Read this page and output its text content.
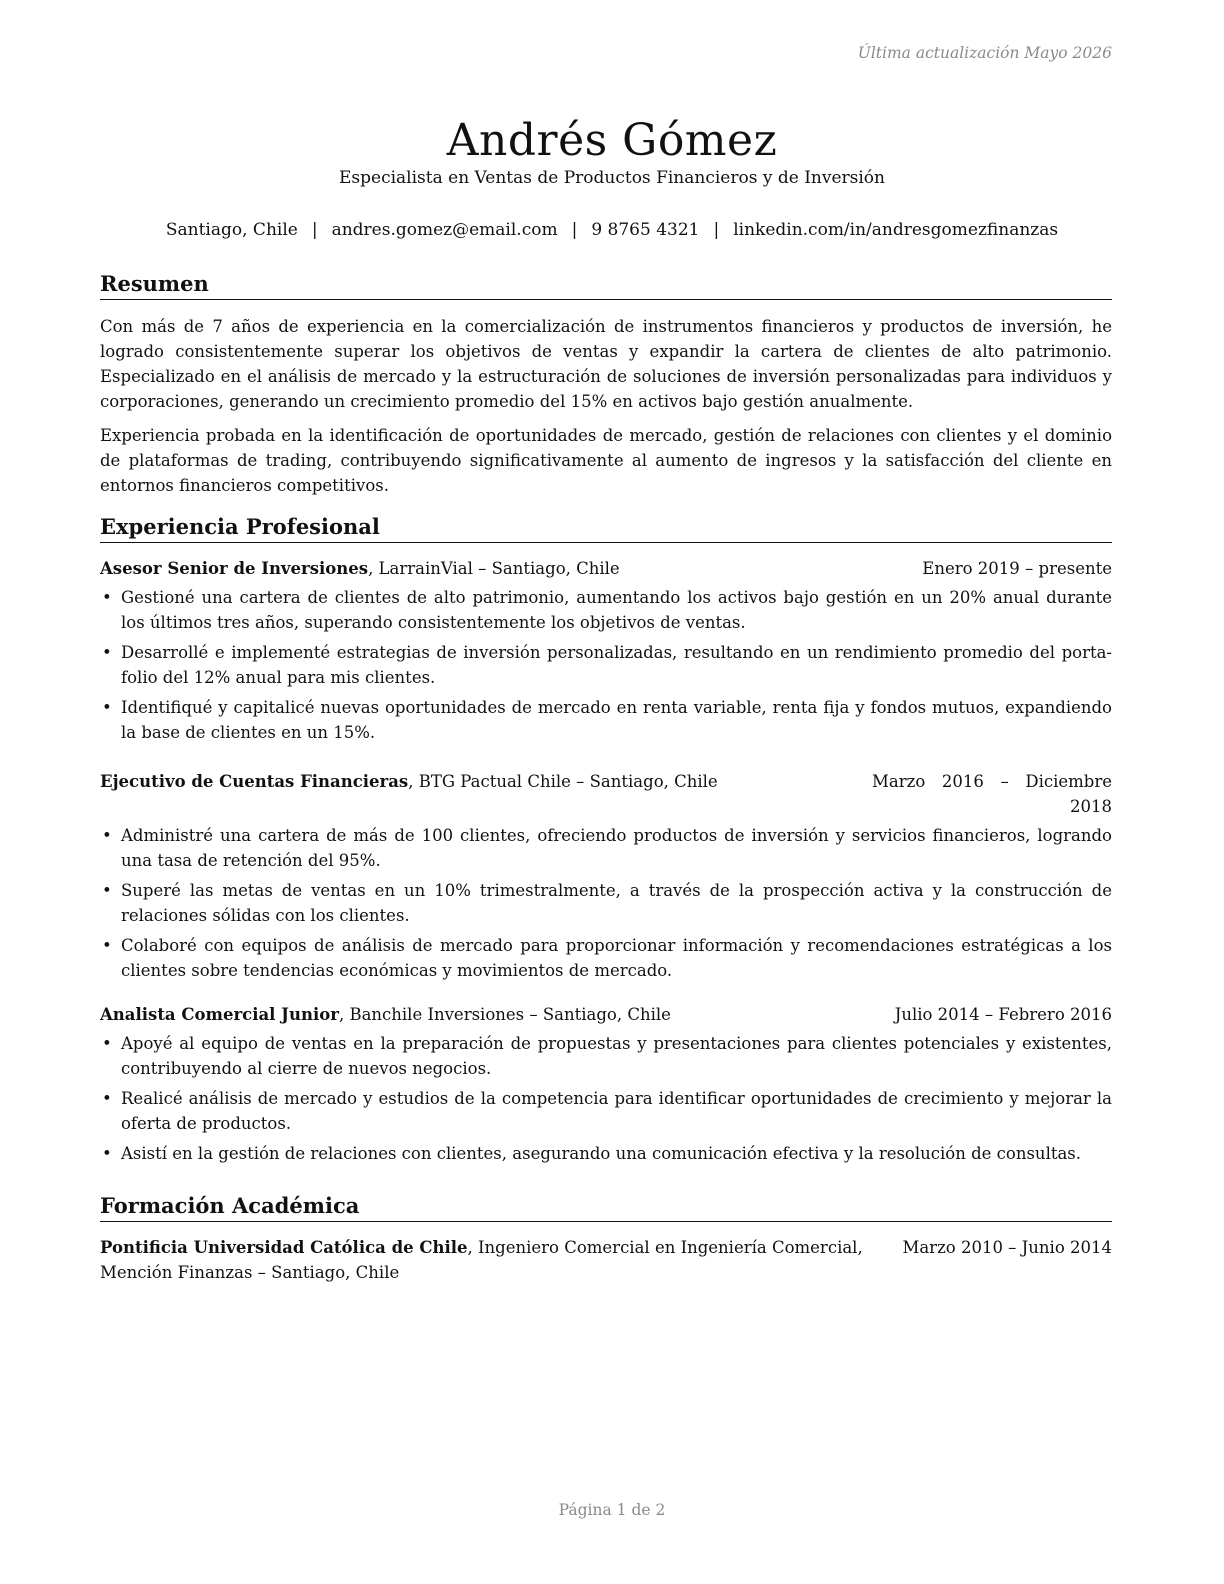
Última actualización Mayo 2026
Andrés Gómez
Especialista en Ventas de Productos Financieros y de Inversión
Santiago, Chile | andres.gomez@email.com | 9 8765 4321 | linkedin.com/in/andresgomezfinanzas
Resumen

Con más de 7 años de experiencia en la comercialización de instrumentos financieros y productos de inversión, he logrado consistentemente superar los objetivos de ventas y expandir la cartera de clientes de alto patrimonio. Especializado en el análisis de mercado y la estructuración de soluciones de inversión personalizadas para individuos y corporaciones, generando un crecimiento promedio del 15% en activos bajo gestión anualmente.

Experiencia probada en la identificación de oportunidades de mercado, gestión de relaciones con clientes y el dominio de plataformas de trading, contribuyendo significativamente al aumento de ingresos y la satisfacción del cliente en entornos financieros competitivos.

Experiencia Profesional
Asesor Senior de Inversiones, LarrainVial – Santiago, Chile	Enero 2019 – presente
• Gestioné una cartera de clientes de alto patrimonio, aumentando los activos bajo gestión en un 20% anual durante los últimos tres años, superando consistentemente los objetivos de ventas.
• Desarrollé e implementé estrategias de inversión personalizadas, resultando en un rendimiento promedio del porta-folio del 12% anual para mis clientes.
• Identifiqué y capitalicé nuevas oportunidades de mercado en renta variable, renta fija y fondos mutuos, expandiendo la base de clientes en un 15%.
Ejecutivo de Cuentas Financieras, BTG Pactual Chile – Santiago, Chile	Marzo 2016 – Diciembre 2018
• Administré una cartera de más de 100 clientes, ofreciendo productos de inversión y servicios financieros, logrando una tasa de retención del 95%.
• Superé las metas de ventas en un 10% trimestralmente, a través de la prospección activa y la construcción de relaciones sólidas con los clientes.
• Colaboré con equipos de análisis de mercado para proporcionar información y recomendaciones estratégicas a los clientes sobre tendencias económicas y movimientos de mercado.
Analista Comercial Junior, Banchile Inversiones – Santiago, Chile	Julio 2014 – Febrero 2016
• Apoyé al equipo de ventas en la preparación de propuestas y presentaciones para clientes potenciales y existentes, contribuyendo al cierre de nuevos negocios.
• Realicé análisis de mercado y estudios de la competencia para identificar oportunidades de crecimiento y mejorar la oferta de productos.
• Asistí en la gestión de relaciones con clientes, asegurando una comunicación efectiva y la resolución de consultas.
Formación Académica
Pontificia Universidad Católica de Chile, Ingeniero Comercial en Ingeniería Comercial, Mención Finanzas – Santiago, Chile
Marzo 2010 – Junio 2014
Página 1 de 2
